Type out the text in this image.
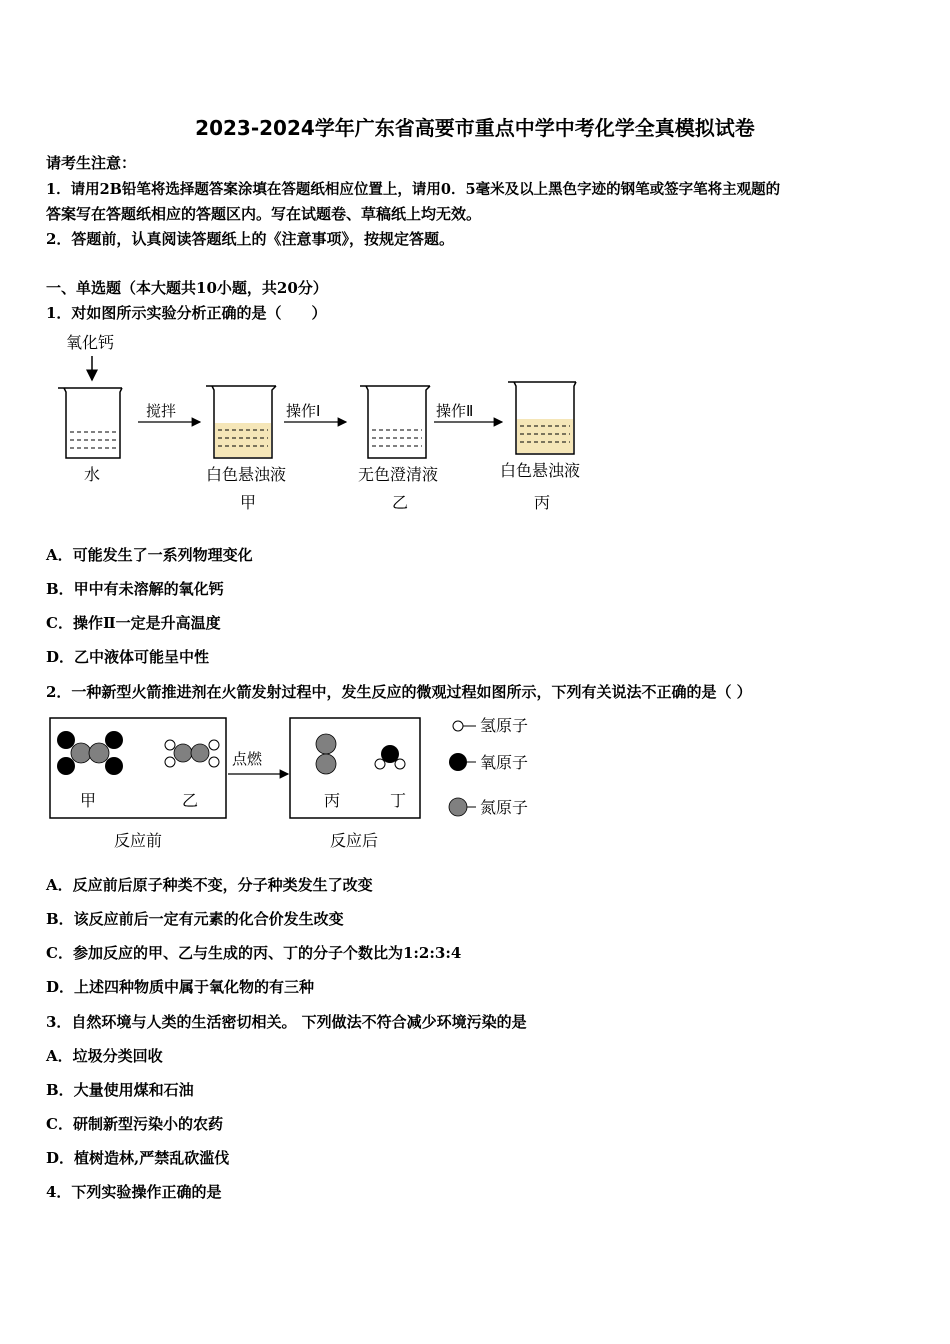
2023-2024学年广东省高要市重点中学中考化学全真模拟试卷
请考生注意：
1．请用2B铅笔将选择题答案涂填在答题纸相应位置上，请用0．5毫米及以上黑色字迹的钢笔或签字笔将主观题的
答案写在答题纸相应的答题区内。写在试题卷、草稿纸上均无效。
2．答题前，认真阅读答题纸上的《注意事项》，按规定答题。
一、单选题（本大题共10小题，共20分）
1．对如图所示实验分析正确的是（　　）
氧化钙
水
搅拌
白色悬浊液
甲
操作Ⅰ
无色澄清液
乙
操作Ⅱ
白色悬浊液
丙
A．可能发生了一系列物理变化
B．甲中有未溶解的氧化钙
C．操作Ⅱ一定是升高温度
D．乙中液体可能呈中性
2．一种新型火箭推进剂在火箭发射过程中，发生反应的微观过程如图所示，下列有关说法不正确的是（ ）
甲	乙
点燃
丙	丁
反应前	反应后
氢原子
氧原子
氮原子
A．反应前后原子种类不变，分子种类发生了改变
B．该反应前后一定有元素的化合价发生改变
C．参加反应的甲、乙与生成的丙、丁的分子个数比为1:2:3:4
D．上述四种物质中属于氧化物的有三种
3．自然环境与人类的生活密切相关。 下列做法不符合减少环境污染的是
A．垃圾分类回收
B．大量使用煤和石油
C．研制新型污染小的农药
D．植树造林,严禁乱砍滥伐
4．下列实验操作正确的是
